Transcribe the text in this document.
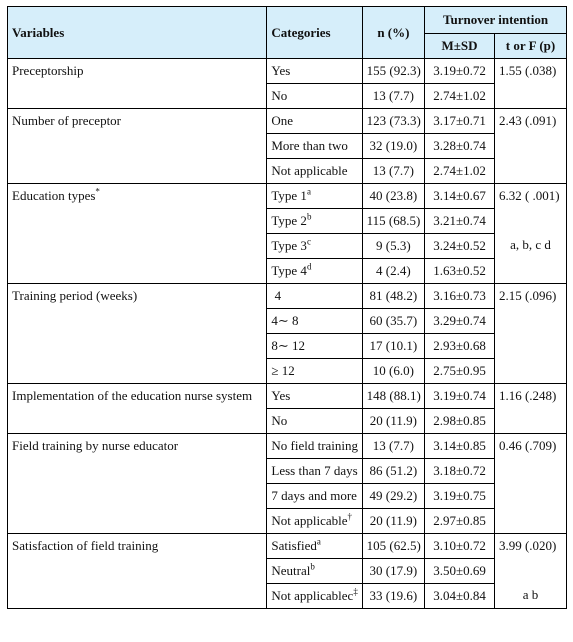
Variables	Categories	n (%)	Turnover intention	
			M±SD	t or F (p)
Preceptorship	Yes	155 (92.3)	3.19±0.72	1.55 (.038)
	No	13 (7.7)	2.74±1.02	
Number of preceptor	One	123 (73.3)	3.17±0.71	2.43 (.091)
	More than two	32 (19.0)	3.28±0.74	
	Not applicable	13 (7.7)	2.74±1.02	
Education types*	Type 1$^a$	40 (23.8)	3.14±0.67	6.32 ( .001)
	Type 2$^b$	115 (68.5)	3.21±0.74	
	Type 3$^c$	9 (5.3)	3.24±0.52	a, b, c d
	Type 4$^d$	4 (2.4)	1.63±0.52	
Training period (weeks)	4	81 (48.2)	3.16±0.73	2.15 (.096)
	4∼ 8	60 (35.7)	3.29±0.74	
	8∼ 12	17 (10.1)	2.93±0.68	
	≥ 12	10 (6.0)	2.75±0.95	
Implementation of the education nurse system	Yes	148 (88.1)	3.19±0.74	1.16 (.248)
	No	20 (11.9)	2.98±0.85	
Field training by nurse educator	No field training	13 (7.7)	3.14±0.85	0.46 (.709)
	Less than 7 days	86 (51.2)	3.18±0.72	
	7 days and more	49 (29.2)	3.19±0.75	
	Not applicable†	20 (11.9)	2.97±0.85	
Satisfaction of field training	Satisfied$^a$	105 (62.5)	3.10±0.72	3.99 (.020)
	Neutral$^b$	30 (17.9)	3.50±0.69	
	Not applicablec‡	33 (19.6)	3.04±0.84	a b
